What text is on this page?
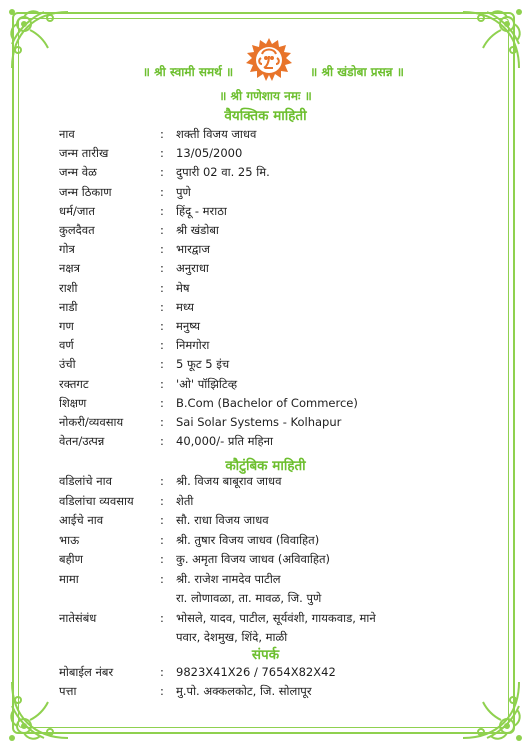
॥ श्री स्वामी समर्थ ॥	॥ श्री खंडोबा प्रसन्न ॥
॥ श्री गणेशाय नमः ॥
वैयक्तिक माहिती
नाव	: शक्ती विजय जाधव
जन्म तारीख	: 13/05/2000
जन्म वेळ	: दुपारी 02 वा. 25 मि.
जन्म ठिकाण	: पुणे
धर्म/जात	: हिंदू - मराठा
कुलदैवत	: श्री खंडोबा
गोत्र	: भारद्वाज
नक्षत्र	: अनुराधा
राशी	: मेष
नाडी	: मध्य
गण	: मनुष्य
वर्ण	: निमगोरा
उंची	: 5 फूट 5 इंच
रक्तगट	: 'ओ' पॉझिटिव्ह
शिक्षण	: B.Com (Bachelor of Commerce)
नोकरी/व्यवसाय	: Sai Solar Systems - Kolhapur
वेतन/उत्पन्न	: 40,000/- प्रति महिना
कौटुंबिक माहिती
वडिलांचे नाव	: श्री. विजय बाबूराव जाधव
वडिलांचा व्यवसाय : शेती
आईचे नाव	: सौ. राधा विजय जाधव
भाऊ	: श्री. तुषार विजय जाधव (विवाहित)
बहीण	: कु. अमृता विजय जाधव (अविवाहित)
मामा	: श्री. राजेश नामदेव पाटील
रा. लोणावळा, ता. मावळ, जि. पुणे
नातेसंबंध	: भोसले, यादव, पाटील, सूर्यवंशी, गायकवाड, माने
पवार, देशमुख, शिंदे, माळी
संपर्क
मोबाईल नंबर	: 9823X41X26 / 7654X82X42
पत्ता	: मु.पो. अक्कलकोट, जि. सोलापूर
